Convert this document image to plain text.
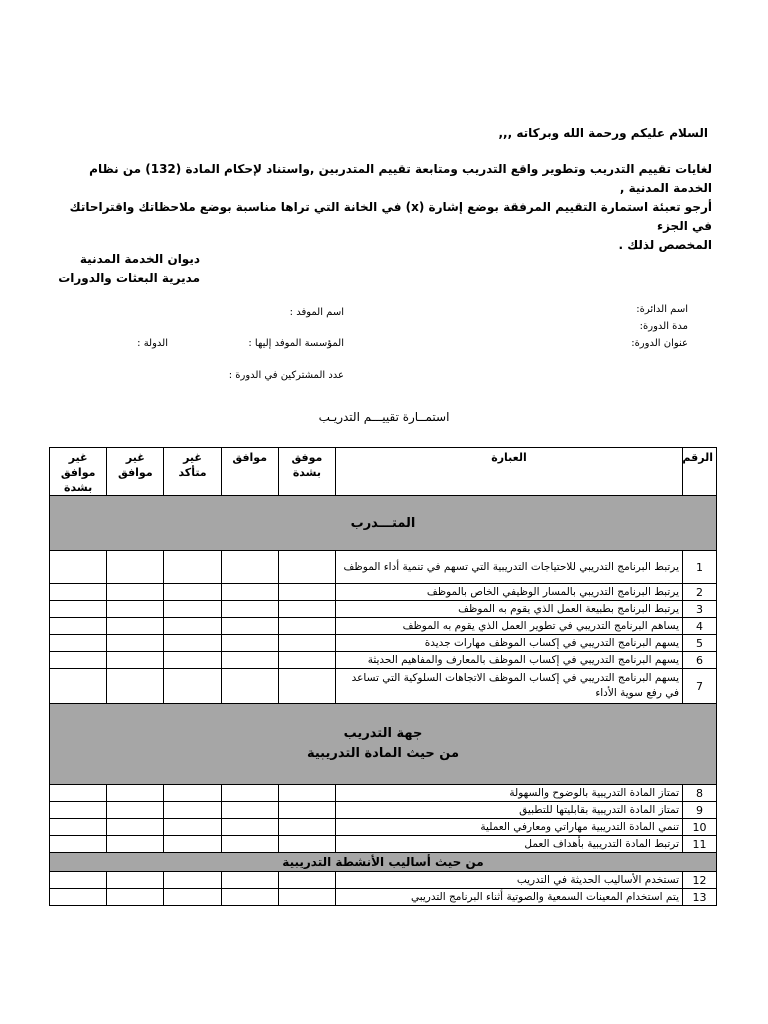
السلام عليكم ورحمة الله وبركاته ,,,
لغايات تقييم التدريب وتطوير واقع التدريب ومتابعة تقييم المتدربين ,واستناد لإحكام المادة (132) من نظام الخدمة المدنية ,
أرجو تعبئة استمارة التقييم المرفقة بوضع إشارة (x) في الخانة التي تراها مناسبة بوضع ملاحظاتك واقتراحاتك في الجزء
المخصص لذلك .
ديوان الخدمة المدنية
مديرية البعثات والدورات
اسم الدائرة:
اسم الموفد :
مدة الدورة:
عنوان الدورة:
المؤسسة الموفد إليها :
الدولة :
عدد المشتركين في الدورة :
استمــارة تقييـــم التدريـب
الرقم	العبارة	موفق بشدة	موافق	غير متأكد	غير موافق	غير موافق بشدة
المتـــدرب						
1	يرتبط البرنامج التدريبي للاحتياجات التدريبية التي تسهم في تنمية أداء الموظف					
2	يرتبط البرنامج التدريبي بالمسار الوظيفي الخاص بالموظف					
3	يرتبط البرنامج بطبيعة العمل الذي يقوم به الموظف					
4	يساهم البرنامج التدريبي في تطوير العمل الذي يقوم به الموظف					
5	يسهم البرنامج التدريبي في إكساب الموظف مهارات جديدة					
6	يسهم البرنامج التدريبي في إكساب الموظف بالمعارف والمفاهيم الحديثة					
7	يسهم البرنامج التدريبي في إكساب الموظف الاتجاهات السلوكية التي تساعد في رفع سوية الأداء					

جهة التدريب
من حيث المادة التدريبية						

8	تمتاز المادة التدريبية بالوضوح والسهولة					
9	تمتاز المادة التدريبية بقابليتها للتطبيق					
10	تنمي المادة التدريبية مهاراتي ومعارفي العملية					
11	ترتبط المادة التدريبية بأهداف العمل					
من حيث أساليب الأنشطة التدريبية						
12	تستخدم الأساليب الحديثة في التدريب					
13	يتم استخدام المعينات السمعية والصوتية أثناء البرنامج التدريبي					
